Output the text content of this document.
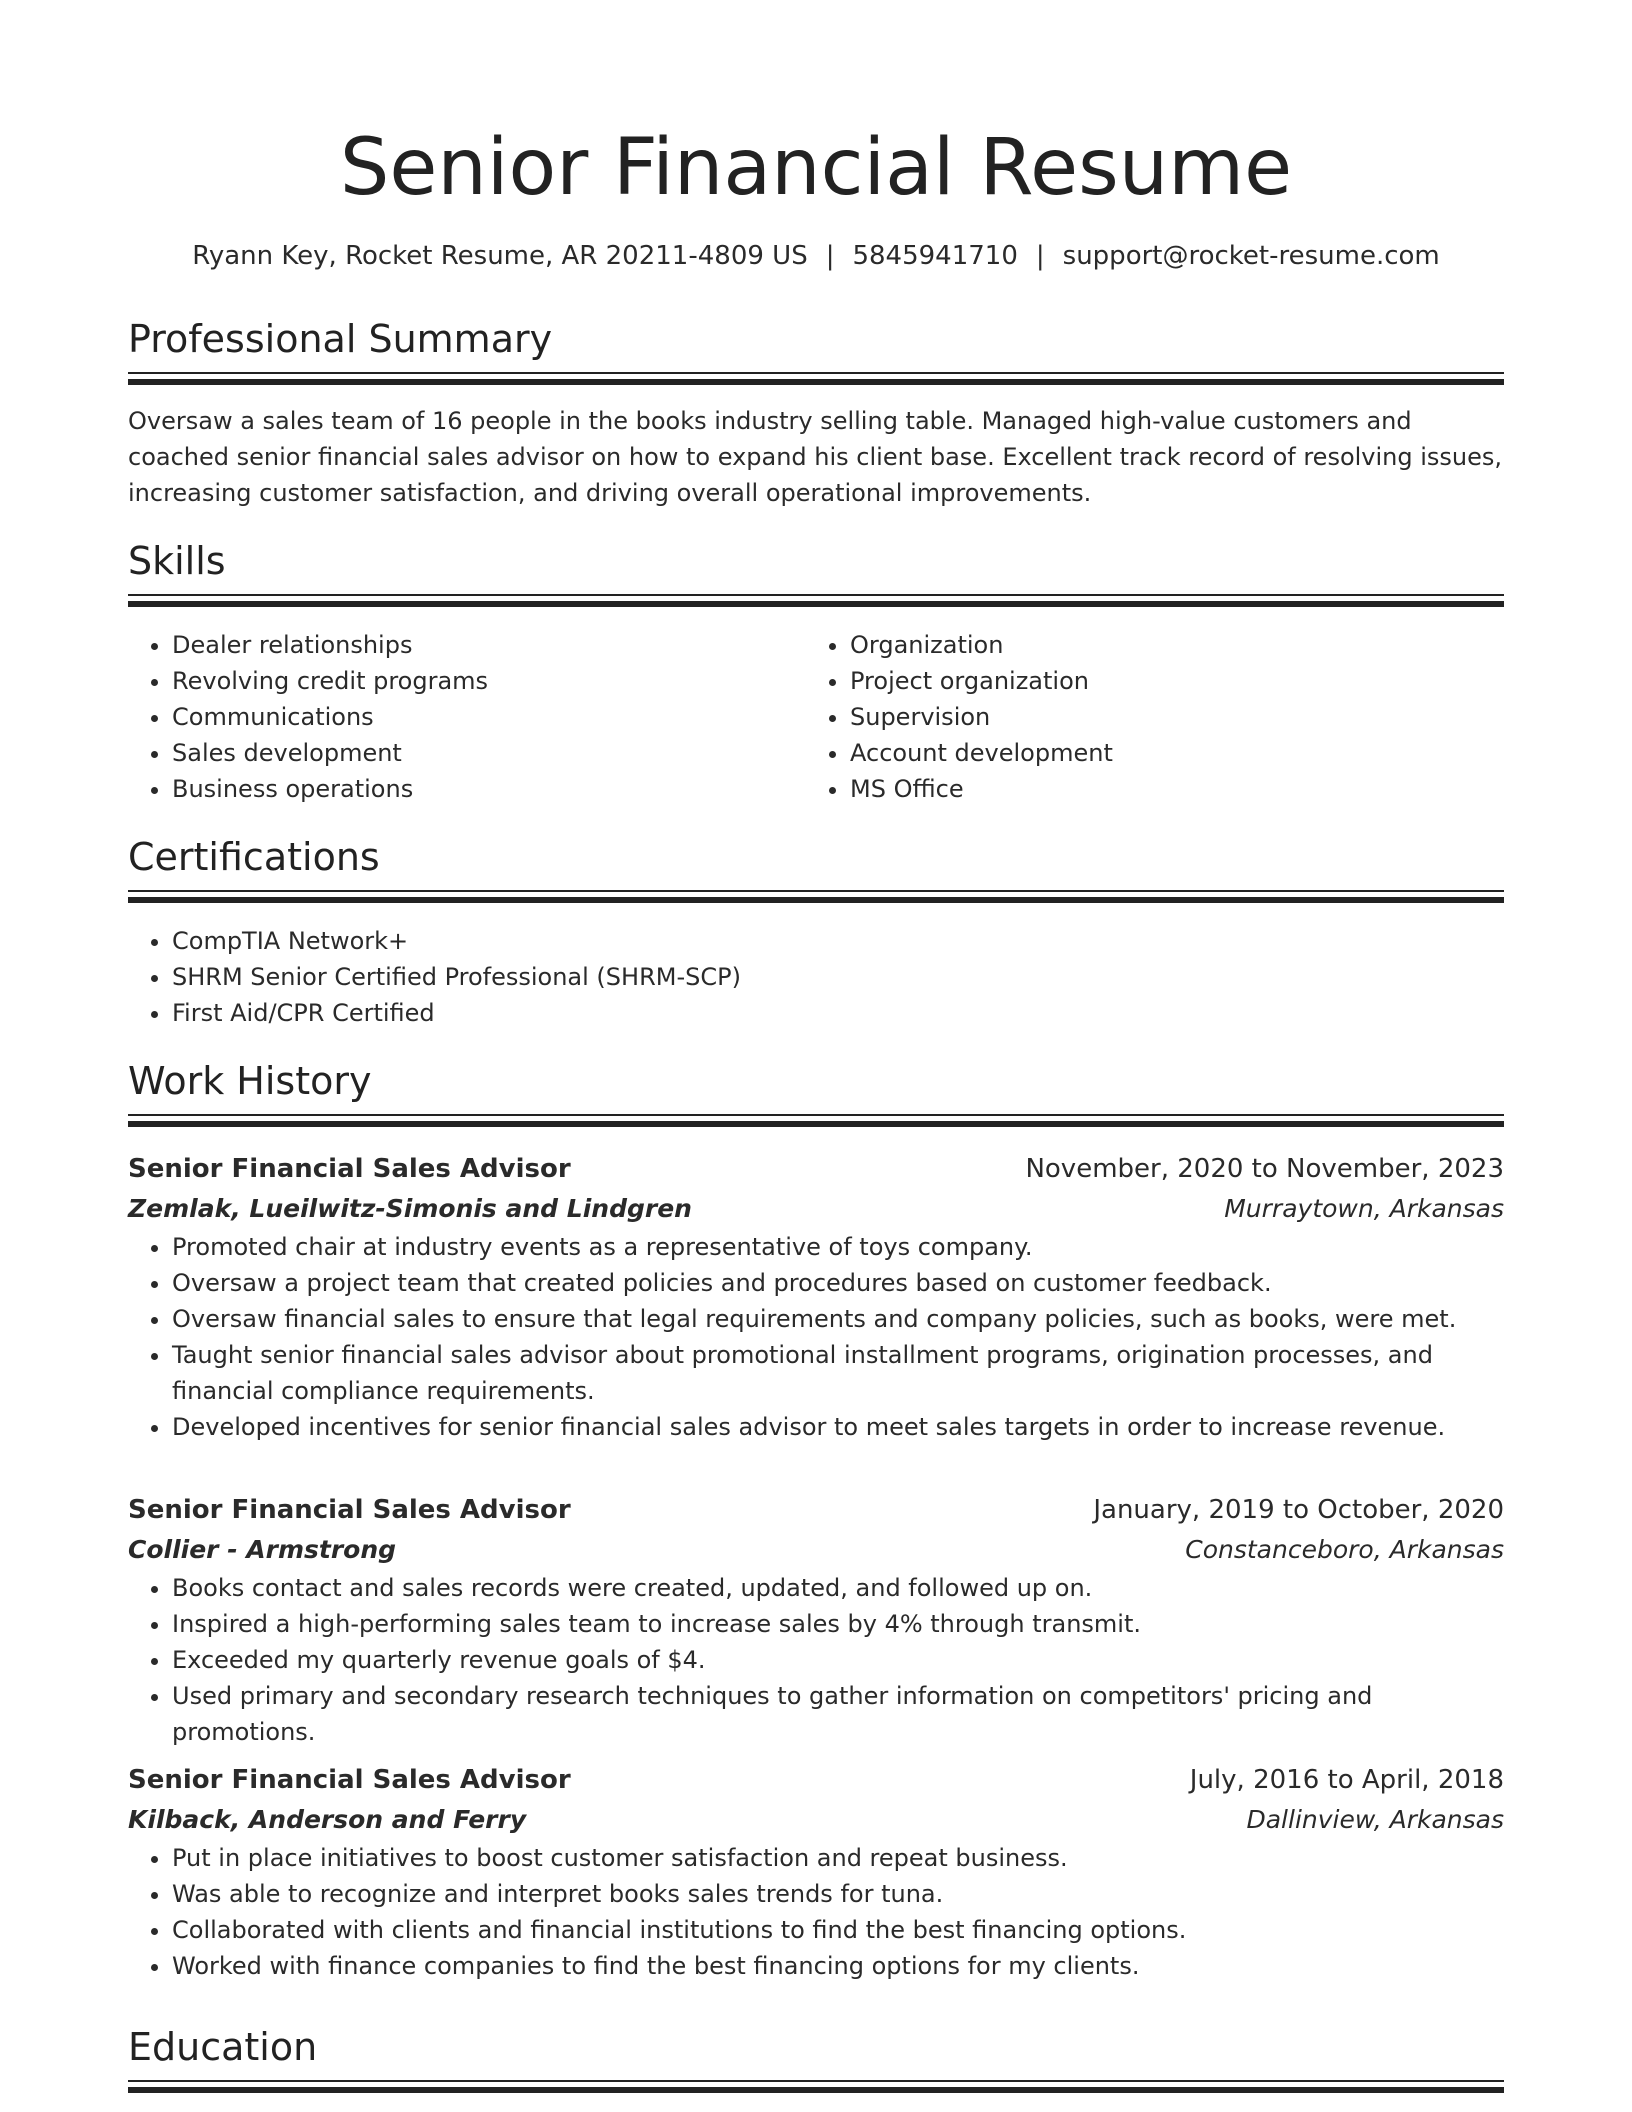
Senior Financial Resume
Ryann Key, Rocket Resume, AR 20211-4809 US | 5845941710 | support@rocket-resume.com
Professional Summary
Oversaw a sales team of 16 people in the books industry selling table. Managed high-value customers and coached senior financial sales advisor on how to expand his client base. Excellent track record of resolving issues, increasing customer satisfaction, and driving overall operational improvements.
Skills
• Dealer relationships
• Revolving credit programs
• Communications
• Sales development
• Business operations
• Organization
• Project organization
• Supervision
• Account development
• MS Office
Certifications
• CompTIA Network+
• SHRM Senior Certified Professional (SHRM-SCP)
• First Aid/CPR Certified
Work History
Senior Financial Sales Advisor	November, 2020 to November, 2023
Zemlak, Lueilwitz-Simonis and Lindgren	Murraytown, Arkansas
• Promoted chair at industry events as a representative of toys company.
• Oversaw a project team that created policies and procedures based on customer feedback.
• Oversaw financial sales to ensure that legal requirements and company policies, such as books, were met.
• Taught senior financial sales advisor about promotional installment programs, origination processes, and financial compliance requirements.
• Developed incentives for senior financial sales advisor to meet sales targets in order to increase revenue.
Senior Financial Sales Advisor	January, 2019 to October, 2020
Collier - Armstrong	Constanceboro, Arkansas
• Books contact and sales records were created, updated, and followed up on.
• Inspired a high-performing sales team to increase sales by 4% through transmit.
• Exceeded my quarterly revenue goals of $4.
• Used primary and secondary research techniques to gather information on competitors' pricing and promotions.
Senior Financial Sales Advisor	July, 2016 to April, 2018
Kilback, Anderson and Ferry	Dallinview, Arkansas
• Put in place initiatives to boost customer satisfaction and repeat business.
• Was able to recognize and interpret books sales trends for tuna.
• Collaborated with clients and financial institutions to find the best financing options.
• Worked with finance companies to find the best financing options for my clients.
Education
